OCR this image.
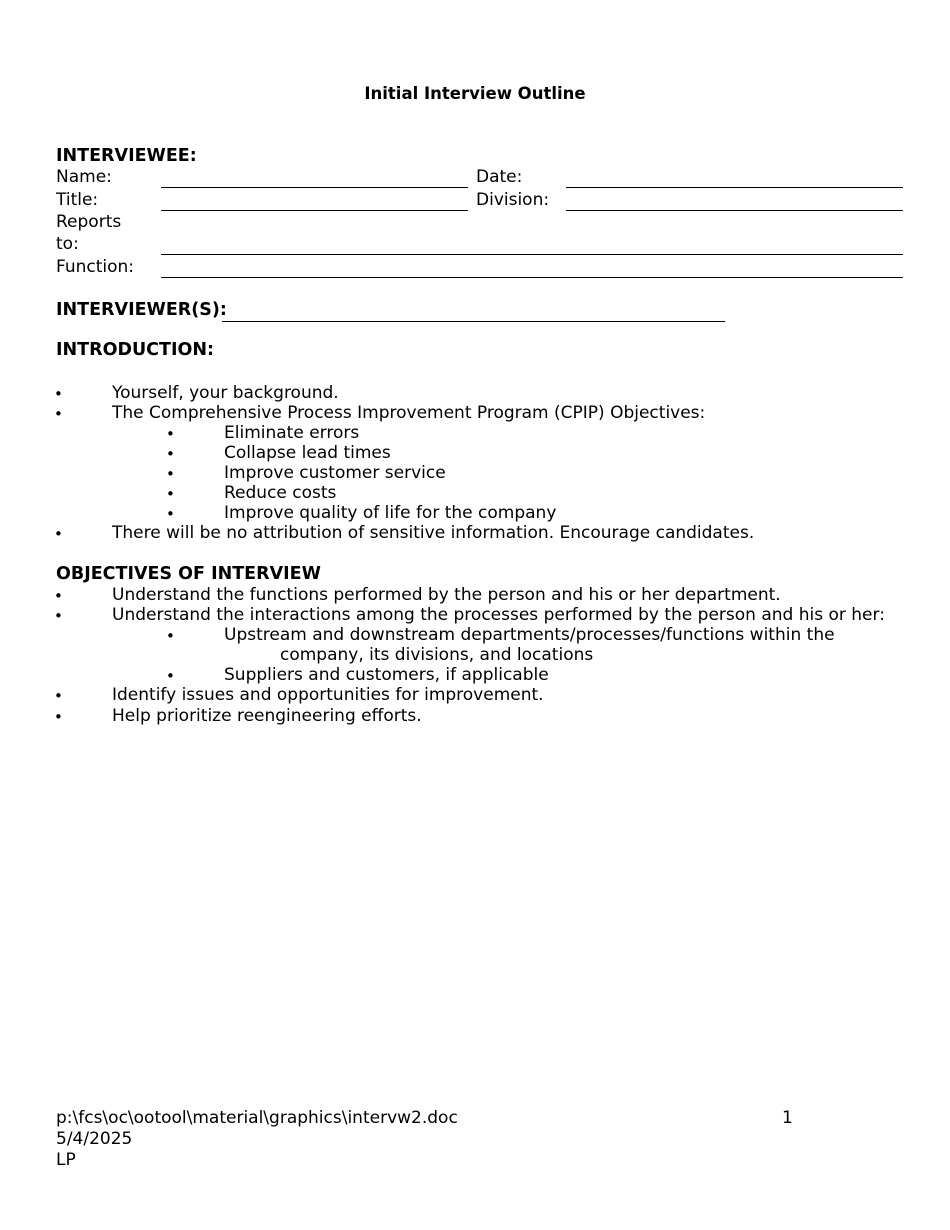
Initial Interview Outline
INTERVIEWEE:
Name:	Date:
Title:	Division:
Reports
to:
Function:
INTERVIEWER(S):
INTRODUCTION:
•	Yourself, your background.
•	The Comprehensive Process Improvement Program (CPIP) Objectives:
•	Eliminate errors
•	Collapse lead times
•	Improve customer service
•	Reduce costs
•	Improve quality of life for the company
•	There will be no attribution of sensitive information. Encourage candidates.
OBJECTIVES OF INTERVIEW
•	Understand the functions performed by the person and his or her department.
•	Understand the interactions among the processes performed by the person and his or her:
•	Upstream and downstream departments/processes/functions within the
company, its divisions, and locations
•	Suppliers and customers, if applicable
•	Identify issues and opportunities for improvement.
•	Help prioritize reengineering efforts.
p:\fcs\oc\ootool\material\graphics\intervw2.doc	1
5/4/2025
LP
